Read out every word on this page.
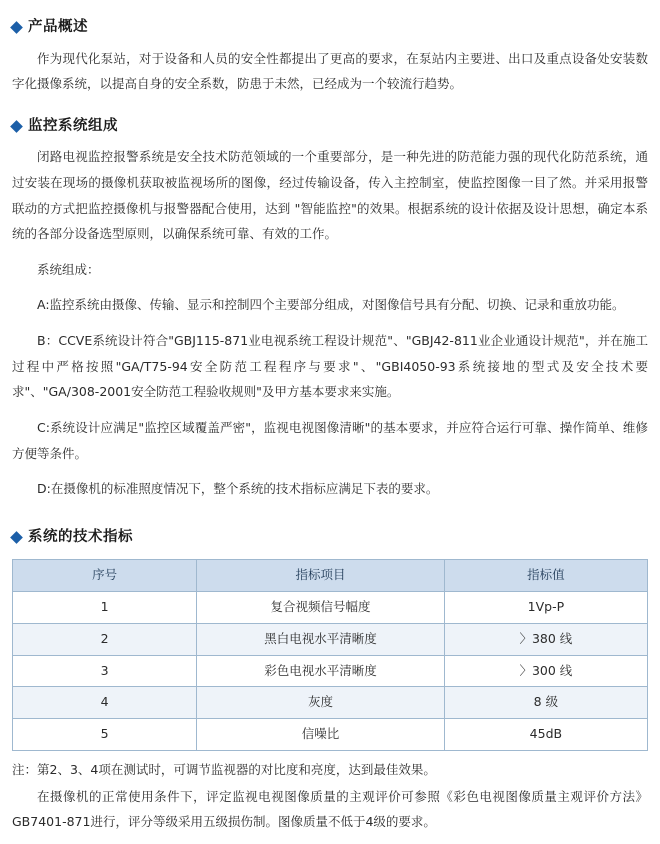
产品概述

作为现代化泵站，对于设备和人员的安全性都提出了更高的要求，在泵站内主要进、出口及重点设备处安装数字化摄像系统，以提高自身的安全系数，防患于未然，已经成为一个较流行趋势。

监控系统组成

闭路电视监控报警系统是安全技术防范领域的一个重要部分，是一种先进的防范能力强的现代化防范系统，通过安装在现场的摄像机获取被监视场所的图像，经过传输设备，传入主控制室，使监控图像一目了然。并采用报警联动的方式把监控摄像机与报警器配合使用，达到 "智能监控"的效果。根据系统的设计依据及设计思想，确定本系统的各部分设备选型原则，以确保系统可靠、有效的工作。

系统组成：

A:监控系统由摄像、传输、显示和控制四个主要部分组成，对图像信号具有分配、切换、记录和重放功能。

B：CCVE系统设计符合"GBJ115-871业电视系统工程设计规范"、"GBJ42-811业企业通设计规范"，并在施工过程中严格按照"GA/T75-94安全防范工程程序与要求"、"GBI4050-93系统接地的型式及安全技术要求"、"GA/308-2001安全防范工程验收规则"及甲方基本要求来实施。

C:系统设计应满足"监控区域覆盖严密"，监视电视图像清晰"的基本要求，并应符合运行可靠、操作简单、维修方便等条件。

D:在摄像机的标准照度情况下，整个系统的技术指标应满足下表的要求。

系统的技术指标
序号	指标项目	指标值
1	复合视频信号幅度	1Vp-P
2	黑白电视水平清晰度	〉380 线
3	彩色电视水平清晰度	〉300 线
4	灰度	8 级
5	信噪比	45dB

注：第2、3、4项在测试时，可调节监视器的对比度和亮度，达到最佳效果。

在摄像机的正常使用条件下，评定监视电视图像质量的主观评价可参照《彩色电视图像质量主观评价方法》GB7401-871进行，评分等级采用五级损伤制。图像质量不低于4级的要求。
